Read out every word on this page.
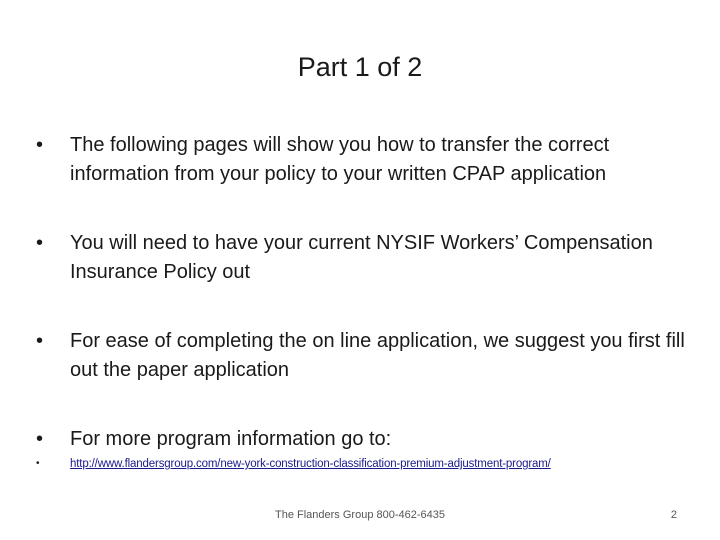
Part 1 of 2
•	The following pages will show you how to transfer the correct information from your policy to your written CPAP application
•	You will need to have your current NYSIF Workers’ Compensation Insurance Policy out
•	For ease of completing the on line application, we suggest you first fill out the paper application
•	For more program information go to:
•	http://www.flandersgroup.com/new-york-construction-classification-premium-adjustment-program/
The Flanders Group 800-462-6435	2
